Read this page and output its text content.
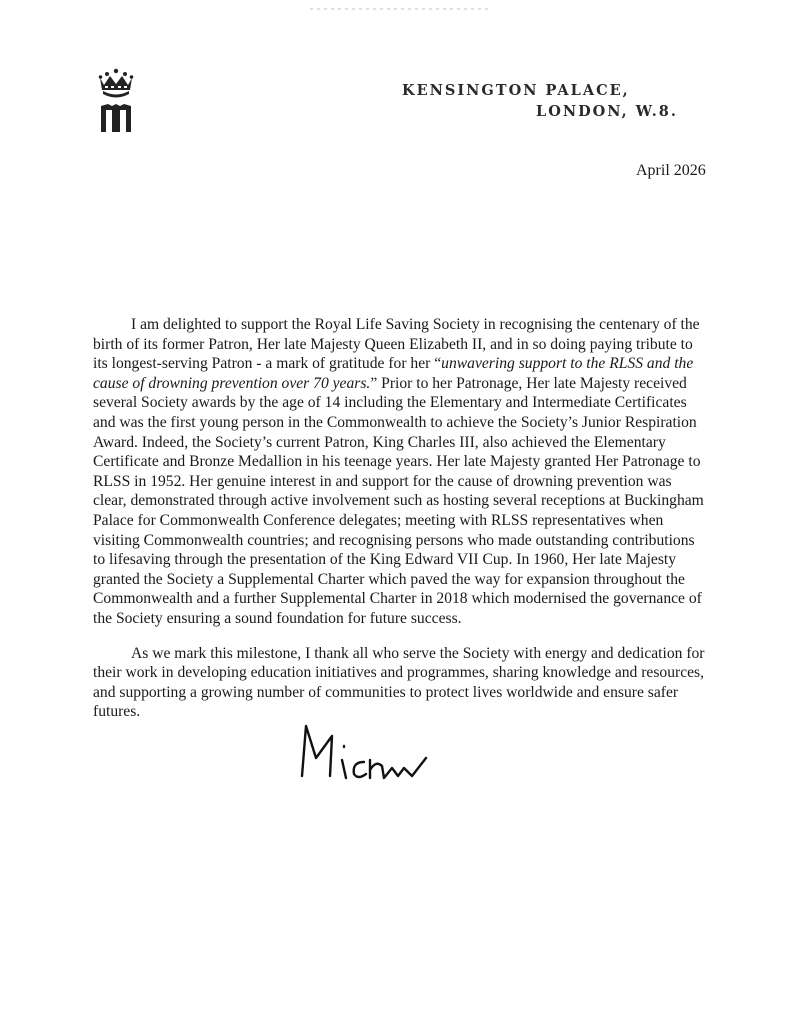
KENSINGTON PALACE,
LONDON, W.8.
April 2026

I am delighted to support the Royal Life Saving Society in recognising the centenary of the birth of its former Patron, Her late Majesty Queen Elizabeth II, and in so doing paying tribute to its longest-serving Patron - a mark of gratitude for her “unwavering support to the RLSS and the cause of drowning prevention over 70 years.” Prior to her Patronage, Her late Majesty received several Society awards by the age of 14 including the Elementary and Intermediate Certificates and was the first young person in the Commonwealth to achieve the Society’s Junior Respiration Award. Indeed, the Society’s current Patron, King Charles III, also achieved the Elementary Certificate and Bronze Medallion in his teenage years. Her late Majesty granted Her Patronage to RLSS in 1952. Her genuine interest in and support for the cause of drowning prevention was clear, demonstrated through active involvement such as hosting several receptions at Buckingham Palace for Commonwealth Conference delegates; meeting with RLSS representatives when visiting Commonwealth countries; and recognising persons who made outstanding contributions to lifesaving through the presentation of the King Edward VII Cup. In 1960, Her late Majesty granted the Society a Supplemental Charter which paved the way for expansion throughout the Commonwealth and a further Supplemental Charter in 2018 which modernised the governance of the Society ensuring a sound foundation for future success.

As we mark this milestone, I thank all who serve the Society with energy and dedication for their work in developing education initiatives and programmes, sharing knowledge and resources, and supporting a growing number of communities to protect lives worldwide and ensure safer futures.
